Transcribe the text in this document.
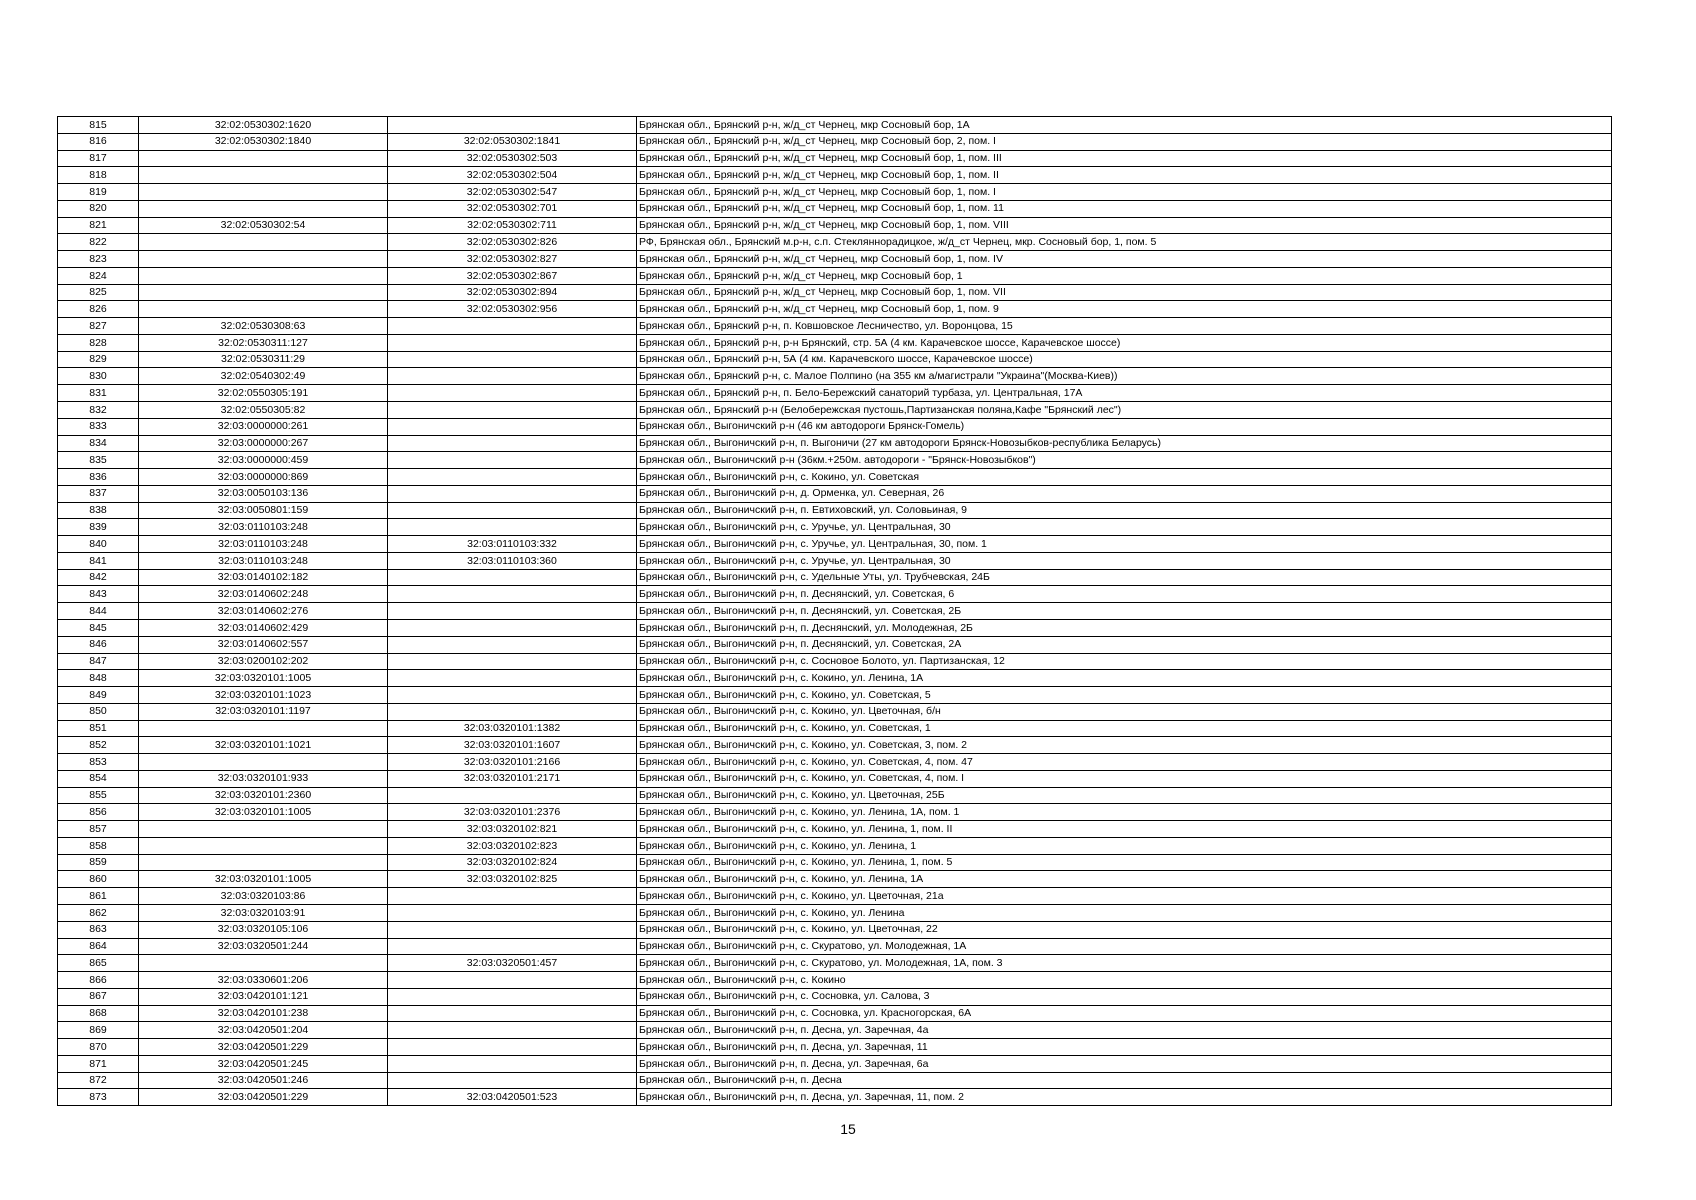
815	32:02:0530302:1620		Брянская обл., Брянский р-н, ж/д_ст Чернец, мкр Сосновый бор, 1А
816	32:02:0530302:1840	32:02:0530302:1841	Брянская обл., Брянский р-н, ж/д_ст Чернец, мкр Сосновый бор, 2, пом. I
817		32:02:0530302:503	Брянская обл., Брянский р-н, ж/д_ст Чернец, мкр Сосновый бор, 1, пом. III
818		32:02:0530302:504	Брянская обл., Брянский р-н, ж/д_ст Чернец, мкр Сосновый бор, 1, пом. II
819		32:02:0530302:547	Брянская обл., Брянский р-н, ж/д_ст Чернец, мкр Сосновый бор, 1, пом. I
820		32:02:0530302:701	Брянская обл., Брянский р-н, ж/д_ст Чернец, мкр Сосновый бор, 1, пом. 11
821	32:02:0530302:54	32:02:0530302:711	Брянская обл., Брянский р-н, ж/д_ст Чернец, мкр Сосновый бор, 1, пом. VIII
822		32:02:0530302:826	РФ, Брянская обл., Брянский м.р-н, с.п. Стекляннорадицкое, ж/д_ст Чернец, мкр. Сосновый бор, 1, пом. 5
823		32:02:0530302:827	Брянская обл., Брянский р-н, ж/д_ст Чернец, мкр Сосновый бор, 1, пом. IV
824		32:02:0530302:867	Брянская обл., Брянский р-н, ж/д_ст Чернец, мкр Сосновый бор, 1
825		32:02:0530302:894	Брянская обл., Брянский р-н, ж/д_ст Чернец, мкр Сосновый бор, 1, пом. VII
826		32:02:0530302:956	Брянская обл., Брянский р-н, ж/д_ст Чернец, мкр Сосновый бор, 1, пом. 9
827	32:02:0530308:63		Брянская обл., Брянский р-н, п. Ковшовское Лесничество, ул. Воронцова, 15
828	32:02:0530311:127		Брянская обл., Брянский р-н, р-н Брянский, стр. 5А (4 км. Карачевское шоссе, Карачевское шоссе)
829	32:02:0530311:29		Брянская обл., Брянский р-н, 5А (4 км. Карачевского шоссе, Карачевское шоссе)
830	32:02:0540302:49		Брянская обл., Брянский р-н, с. Малое Полпино (на 355 км а/магистрали "Украина"(Москва-Киев))
831	32:02:0550305:191		Брянская обл., Брянский р-н, п. Бело-Бережский санаторий турбаза, ул. Центральная, 17А
832	32:02:0550305:82		Брянская обл., Брянский р-н (Белобережская пустошь,Партизанская поляна,Кафе "Брянский лес")
833	32:03:0000000:261		Брянская обл., Выгоничский р-н (46 км автодороги Брянск-Гомель)
834	32:03:0000000:267		Брянская обл., Выгоничский р-н, п. Выгоничи (27 км автодороги Брянск-Новозыбков-республика Беларусь)
835	32:03:0000000:459		Брянская обл., Выгоничский р-н (36км.+250м. автодороги - "Брянск-Новозыбков")
836	32:03:0000000:869		Брянская обл., Выгоничский р-н, с. Кокино, ул. Советская
837	32:03:0050103:136		Брянская обл., Выгоничский р-н, д. Орменка, ул. Северная, 26
838	32:03:0050801:159		Брянская обл., Выгоничский р-н, п. Евтиховский, ул. Соловьиная, 9
839	32:03:0110103:248		Брянская обл., Выгоничский р-н, с. Уручье, ул. Центральная, 30
840	32:03:0110103:248	32:03:0110103:332	Брянская обл., Выгоничский р-н, с. Уручье, ул. Центральная, 30, пом. 1
841	32:03:0110103:248	32:03:0110103:360	Брянская обл., Выгоничский р-н, с. Уручье, ул. Центральная, 30
842	32:03:0140102:182		Брянская обл., Выгоничский р-н, с. Удельные Уты, ул. Трубчевская, 24Б
843	32:03:0140602:248		Брянская обл., Выгоничский р-н, п. Деснянский, ул. Советская, 6
844	32:03:0140602:276		Брянская обл., Выгоничский р-н, п. Деснянский, ул. Советская, 2Б
845	32:03:0140602:429		Брянская обл., Выгоничский р-н, п. Деснянский, ул. Молодежная, 2Б
846	32:03:0140602:557		Брянская обл., Выгоничский р-н, п. Деснянский, ул. Советская, 2А
847	32:03:0200102:202		Брянская обл., Выгоничский р-н, с. Сосновое Болото, ул. Партизанская, 12
848	32:03:0320101:1005		Брянская обл., Выгоничский р-н, с. Кокино, ул. Ленина, 1А
849	32:03:0320101:1023		Брянская обл., Выгоничский р-н, с. Кокино, ул. Советская, 5
850	32:03:0320101:1197		Брянская обл., Выгоничский р-н, с. Кокино, ул. Цветочная, б/н
851		32:03:0320101:1382	Брянская обл., Выгоничский р-н, с. Кокино, ул. Советская, 1
852	32:03:0320101:1021	32:03:0320101:1607	Брянская обл., Выгоничский р-н, с. Кокино, ул. Советская, 3, пом. 2
853		32:03:0320101:2166	Брянская обл., Выгоничский р-н, с. Кокино, ул. Советская, 4, пом. 47
854	32:03:0320101:933	32:03:0320101:2171	Брянская обл., Выгоничский р-н, с. Кокино, ул. Советская, 4, пом. I
855	32:03:0320101:2360		Брянская обл., Выгоничский р-н, с. Кокино, ул. Цветочная, 25Б
856	32:03:0320101:1005	32:03:0320101:2376	Брянская обл., Выгоничский р-н, с. Кокино, ул. Ленина, 1А, пом. 1
857		32:03:0320102:821	Брянская обл., Выгоничский р-н, с. Кокино, ул. Ленина, 1, пом. II
858		32:03:0320102:823	Брянская обл., Выгоничский р-н, с. Кокино, ул. Ленина, 1
859		32:03:0320102:824	Брянская обл., Выгоничский р-н, с. Кокино, ул. Ленина, 1, пом. 5
860	32:03:0320101:1005	32:03:0320102:825	Брянская обл., Выгоничский р-н, с. Кокино, ул. Ленина, 1А
861	32:03:0320103:86		Брянская обл., Выгоничский р-н, с. Кокино, ул. Цветочная, 21а
862	32:03:0320103:91		Брянская обл., Выгоничский р-н, с. Кокино, ул. Ленина
863	32:03:0320105:106		Брянская обл., Выгоничский р-н, с. Кокино, ул. Цветочная, 22
864	32:03:0320501:244		Брянская обл., Выгоничский р-н, с. Скуратово, ул. Молодежная, 1А
865		32:03:0320501:457	Брянская обл., Выгоничский р-н, с. Скуратово, ул. Молодежная, 1А, пом. 3
866	32:03:0330601:206		Брянская обл., Выгоничский р-н, с. Кокино
867	32:03:0420101:121		Брянская обл., Выгоничский р-н, с. Сосновка, ул. Салова, 3
868	32:03:0420101:238		Брянская обл., Выгоничский р-н, с. Сосновка, ул. Красногорская, 6А
869	32:03:0420501:204		Брянская обл., Выгоничский р-н, п. Десна, ул. Заречная, 4а
870	32:03:0420501:229		Брянская обл., Выгоничский р-н, п. Десна, ул. Заречная, 11
871	32:03:0420501:245		Брянская обл., Выгоничский р-н, п. Десна, ул. Заречная, 6а
872	32:03:0420501:246		Брянская обл., Выгоничский р-н, п. Десна
873	32:03:0420501:229	32:03:0420501:523	Брянская обл., Выгоничский р-н, п. Десна, ул. Заречная, 11, пом. 2
15
